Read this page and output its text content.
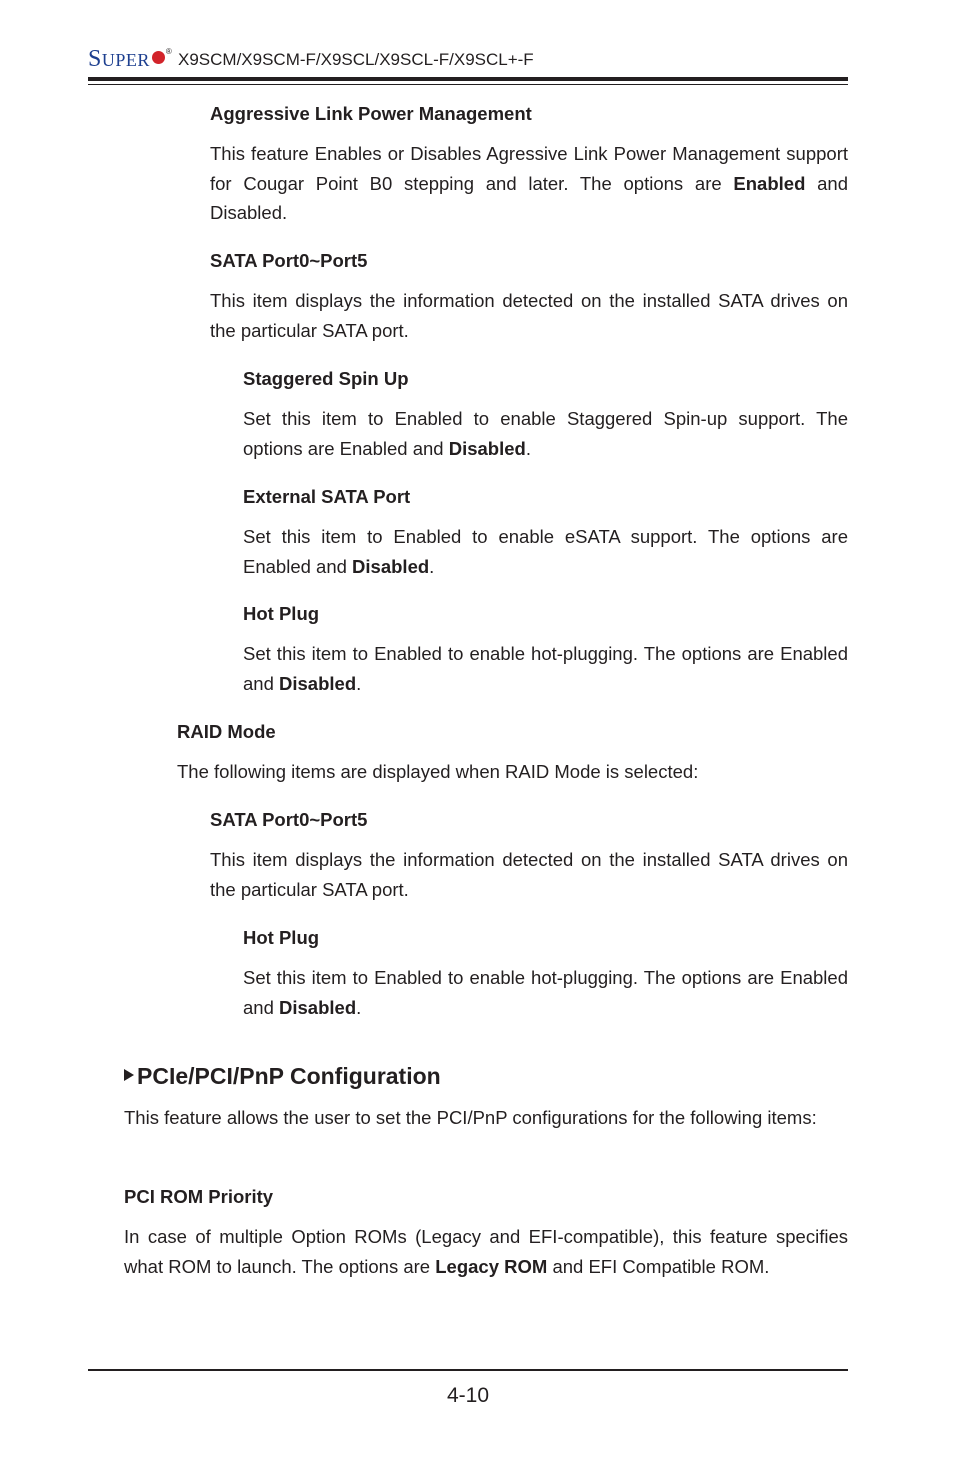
SUPER ® X9SCM/X9SCM-F/X9SCL/X9SCL-F/X9SCL+-F

Aggressive Link Power Management

This feature Enables or Disables Agressive Link Power Management support for Cougar Point B0 stepping and later. The options are Enabled and Disabled.

SATA Port0~Port5

This item displays the information detected on the installed SATA drives on the particular SATA port.

Staggered Spin Up

Set this item to Enabled to enable Staggered Spin-up support. The options are Enabled and Disabled.

External SATA Port

Set this item to Enabled to enable eSATA support. The options are Enabled and Disabled.

Hot Plug

Set this item to Enabled to enable hot-plugging. The options are Enabled and Disabled.

RAID Mode

The following items are displayed when RAID Mode is selected:

SATA Port0~Port5

This item displays the information detected on the installed SATA drives on the particular SATA port.

Hot Plug

Set this item to Enabled to enable hot-plugging. The options are Enabled and Disabled.

PCIe/PCI/PnP Configuration

This feature allows the user to set the PCI/PnP configurations for the following items:

PCI ROM Priority

In case of multiple Option ROMs (Legacy and EFI-compatible), this feature specifies what ROM to launch. The options are Legacy ROM and EFI Compatible ROM.

4-10
